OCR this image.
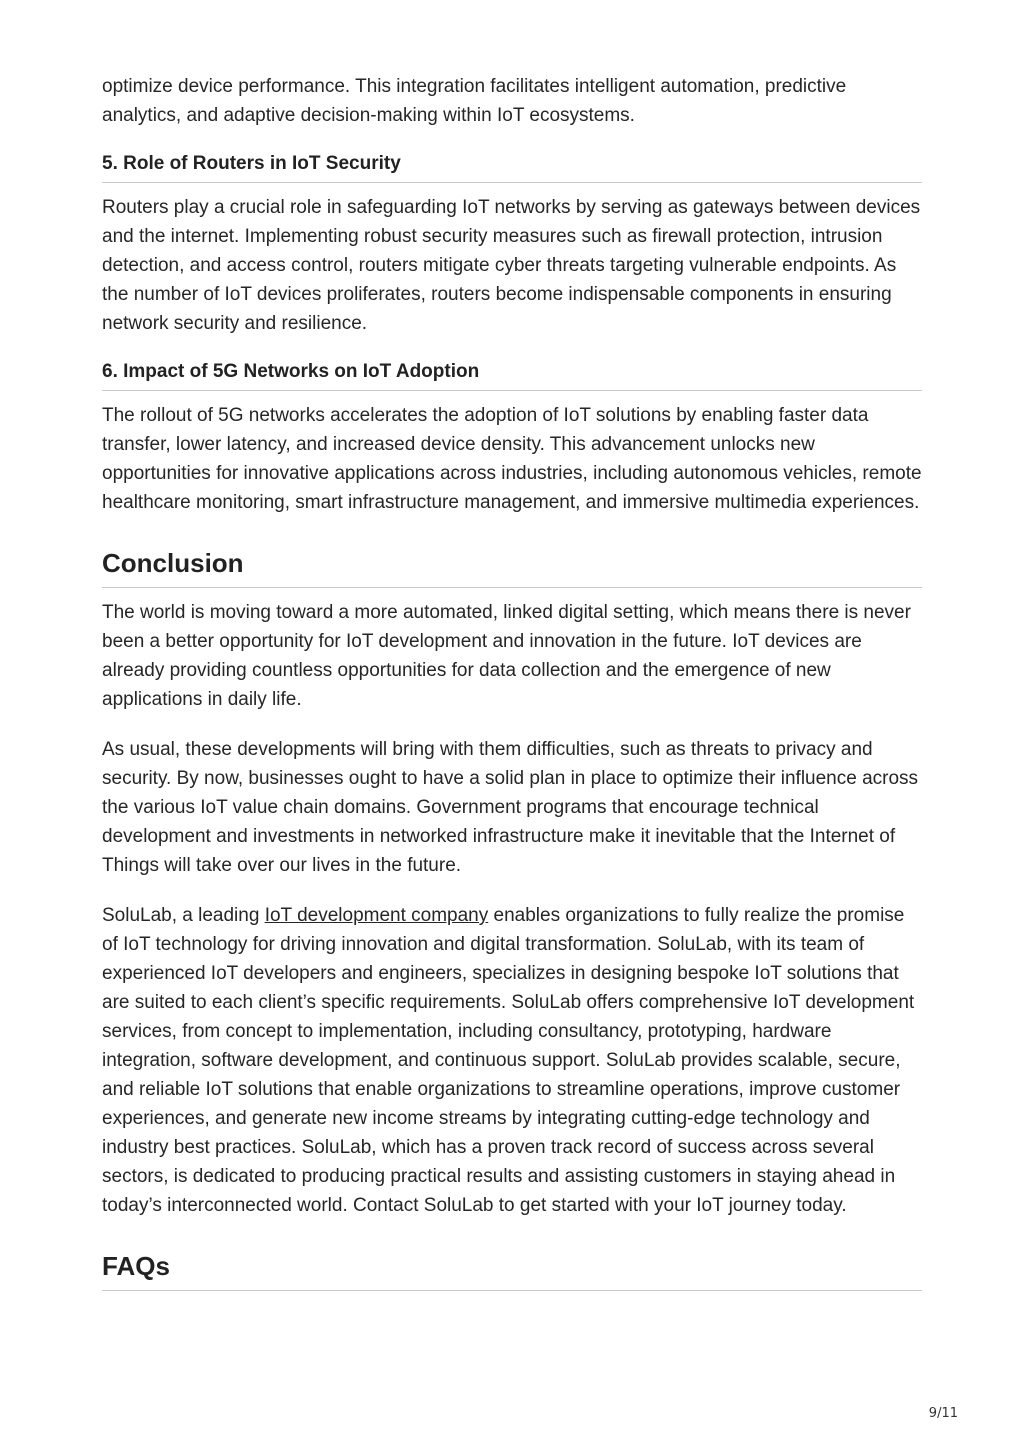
optimize device performance. This integration facilitates intelligent automation, predictive analytics, and adaptive decision-making within IoT ecosystems.

5. Role of Routers in IoT Security

Routers play a crucial role in safeguarding IoT networks by serving as gateways between devices and the internet. Implementing robust security measures such as firewall protection, intrusion detection, and access control, routers mitigate cyber threats targeting vulnerable endpoints. As the number of IoT devices proliferates, routers become indispensable components in ensuring network security and resilience.

6. Impact of 5G Networks on IoT Adoption

The rollout of 5G networks accelerates the adoption of IoT solutions by enabling faster data transfer, lower latency, and increased device density. This advancement unlocks new opportunities for innovative applications across industries, including autonomous vehicles, remote healthcare monitoring, smart infrastructure management, and immersive multimedia experiences.

Conclusion

The world is moving toward a more automated, linked digital setting, which means there is never been a better opportunity for IoT development and innovation in the future. IoT devices are already providing countless opportunities for data collection and the emergence of new applications in daily life.

As usual, these developments will bring with them difficulties, such as threats to privacy and security. By now, businesses ought to have a solid plan in place to optimize their influence across the various IoT value chain domains. Government programs that encourage technical development and investments in networked infrastructure make it inevitable that the Internet of Things will take over our lives in the future.

SoluLab, a leading IoT development company enables organizations to fully realize the promise of IoT technology for driving innovation and digital transformation. SoluLab, with its team of experienced IoT developers and engineers, specializes in designing bespoke IoT solutions that are suited to each client’s specific requirements. SoluLab offers comprehensive IoT development services, from concept to implementation, including consultancy, prototyping, hardware integration, software development, and continuous support. SoluLab provides scalable, secure, and reliable IoT solutions that enable organizations to streamline operations, improve customer experiences, and generate new income streams by integrating cutting-edge technology and industry best practices. SoluLab, which has a proven track record of success across several sectors, is dedicated to producing practical results and assisting customers in staying ahead in today’s interconnected world. Contact SoluLab to get started with your IoT journey today.

FAQs
9/11
